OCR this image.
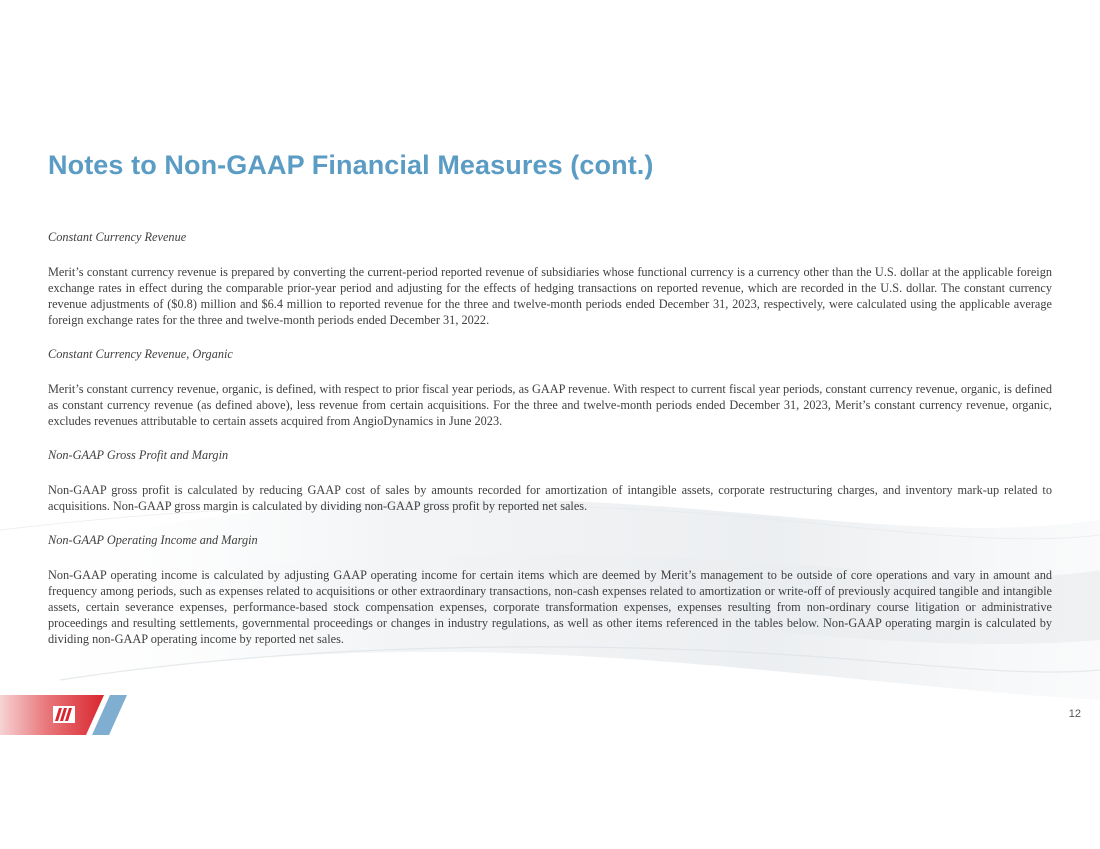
Notes to Non-GAAP Financial Measures (cont.)

Constant Currency Revenue

Merit’s constant currency revenue is prepared by converting the current-period reported revenue of subsidiaries whose functional currency is a currency other than the U.S. dollar at the applicable foreign exchange rates in effect during the comparable prior-year period and adjusting for the effects of hedging transactions on reported revenue, which are recorded in the U.S. dollar. The constant currency revenue adjustments of ($0.8) million and $6.4 million to reported revenue for the three and twelve-month periods ended December 31, 2023, respectively, were calculated using the applicable average foreign exchange rates for the three and twelve-month periods ended December 31, 2022.

Constant Currency Revenue, Organic

Merit’s constant currency revenue, organic, is defined, with respect to prior fiscal year periods, as GAAP revenue. With respect to current fiscal year periods, constant currency revenue, organic, is defined as constant currency revenue (as defined above), less revenue from certain acquisitions. For the three and twelve-month periods ended December 31, 2023, Merit’s constant currency revenue, organic, excludes revenues attributable to certain assets acquired from AngioDynamics in June 2023.

Non-GAAP Gross Profit and Margin

Non-GAAP gross profit is calculated by reducing GAAP cost of sales by amounts recorded for amortization of intangible assets, corporate restructuring charges, and inventory mark-up related to acquisitions. Non-GAAP gross margin is calculated by dividing non-GAAP gross profit by reported net sales.

Non-GAAP Operating Income and Margin

Non-GAAP operating income is calculated by adjusting GAAP operating income for certain items which are deemed by Merit’s management to be outside of core operations and vary in amount and frequency among periods, such as expenses related to acquisitions or other extraordinary transactions, non-cash expenses related to amortization or write-off of previously acquired tangible and intangible assets, certain severance expenses, performance-based stock compensation expenses, corporate transformation expenses, expenses resulting from non-ordinary course litigation or administrative proceedings and resulting settlements, governmental proceedings or changes in industry regulations, as well as other items referenced in the tables below. Non-GAAP operating margin is calculated by dividing non-GAAP operating income by reported net sales.

12
